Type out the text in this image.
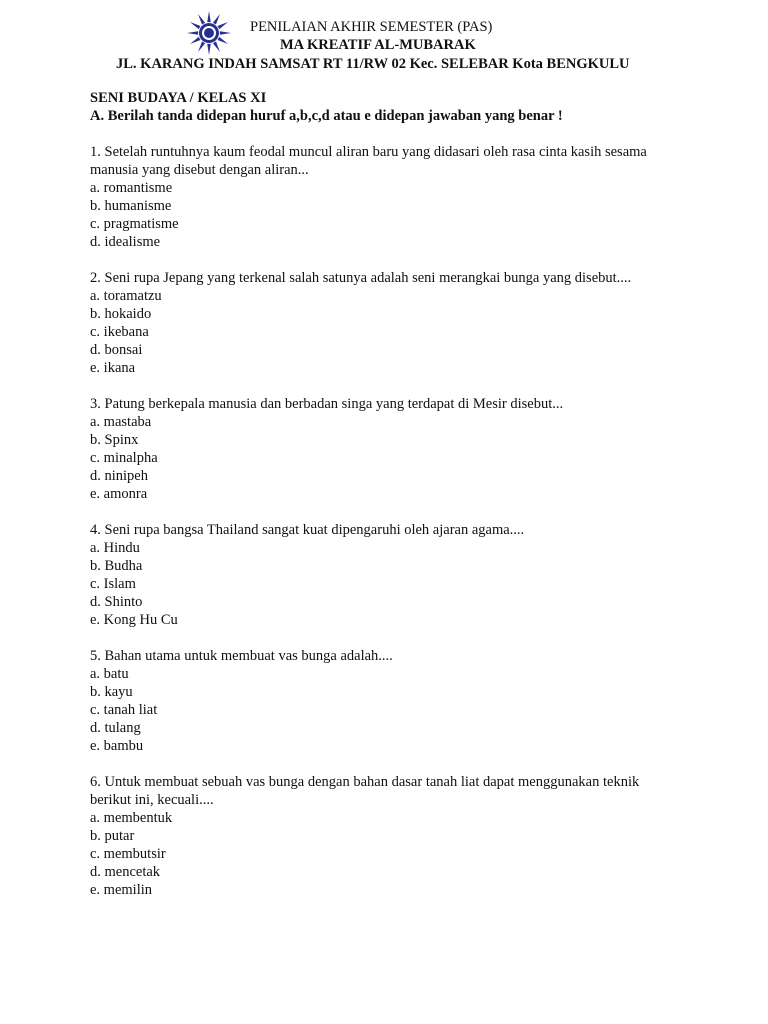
PENILAIAN AKHIR SEMESTER (PAS)
MA KREATIF AL-MUBARAK
JL. KARANG INDAH SAMSAT RT 11/RW 02 Kec. SELEBAR Kota BENGKULU
SENI BUDAYA / KELAS XI
A. Berilah tanda didepan huruf a,b,c,d atau e didepan jawaban yang benar !
1. Setelah runtuhnya kaum feodal muncul aliran baru yang didasari oleh rasa cinta kasih sesama
manusia yang disebut dengan aliran...
a. romantisme
b. humanisme
c. pragmatisme
d. idealisme
2. Seni rupa Jepang yang terkenal salah satunya adalah seni merangkai bunga yang disebut....
a. toramatzu
b. hokaido
c. ikebana
d. bonsai
e. ikana
3. Patung berkepala manusia dan berbadan singa yang terdapat di Mesir disebut...
a. mastaba
b. Spinx
c. minalpha
d. ninipeh
e. amonra
4. Seni rupa bangsa Thailand sangat kuat dipengaruhi oleh ajaran agama....
a. Hindu
b. Budha
c. Islam
d. Shinto
e. Kong Hu Cu
5. Bahan utama untuk membuat vas bunga adalah....
a. batu
b. kayu
c. tanah liat
d. tulang
e. bambu
6. Untuk membuat sebuah vas bunga dengan bahan dasar tanah liat dapat menggunakan teknik
berikut ini, kecuali....
a. membentuk
b. putar
c. membutsir
d. mencetak
e. memilin
